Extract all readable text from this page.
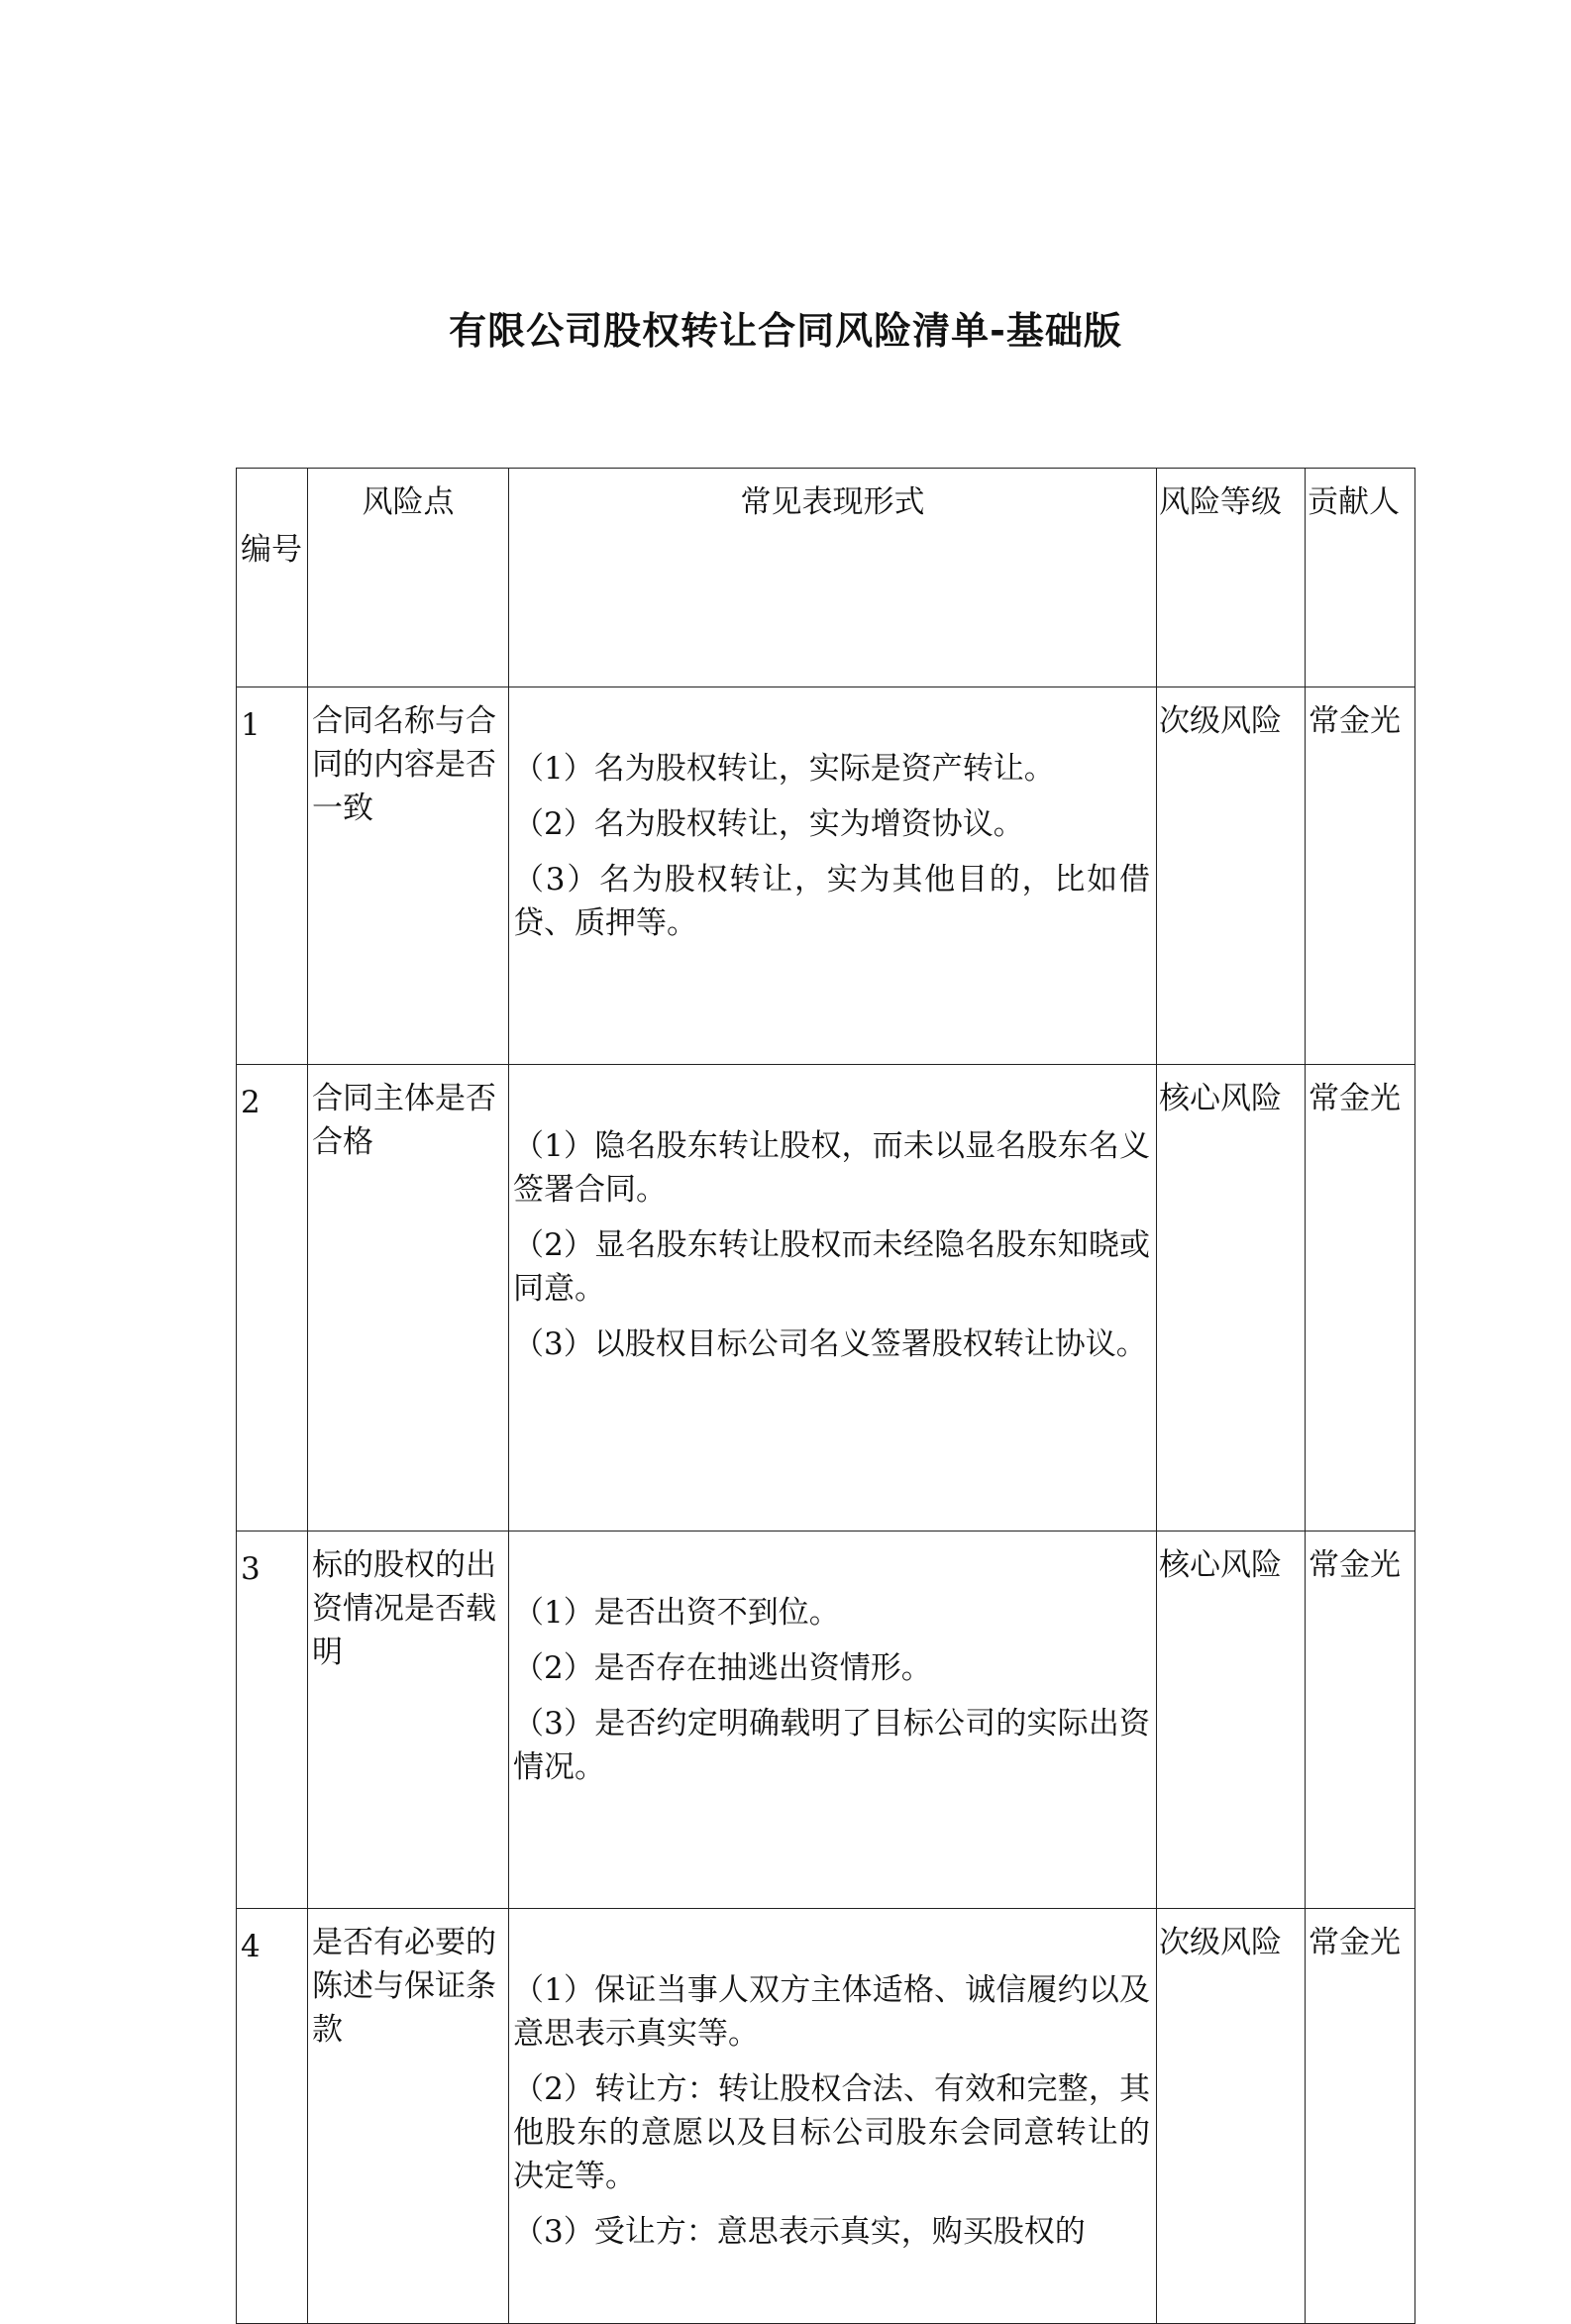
有限公司股权转让合同风险清单-基础版
编号	风险点	常见表现形式	风险等级	贡献人
1	合同名称与合同的内容是否一致	（1）名为股权转让，实际是资产转让。
（2）名为股权转让，实为增资协议。
（3）名为股权转让，实为其他目的，比如借贷、质押等。	次级风险	常金光
2	合同主体是否合格	（1）隐名股东转让股权，而未以显名股东名义签署合同。
（2）显名股东转让股权而未经隐名股东知晓或同意。
（3）以股权目标公司名义签署股权转让协议。	核心风险	常金光
3	标的股权的出资情况是否载明	（1）是否出资不到位。
（2）是否存在抽逃出资情形。
（3）是否约定明确载明了目标公司的实际出资情况。	核心风险	常金光
4	是否有必要的陈述与保证条款	（1）保证当事人双方主体适格、诚信履约以及意思表示真实等。
（2）转让方：转让股权合法、有效和完整，其他股东的意愿以及目标公司股东会同意转让的决定等。
（3）受让方：意思表示真实，购买股权的	次级风险	常金光
